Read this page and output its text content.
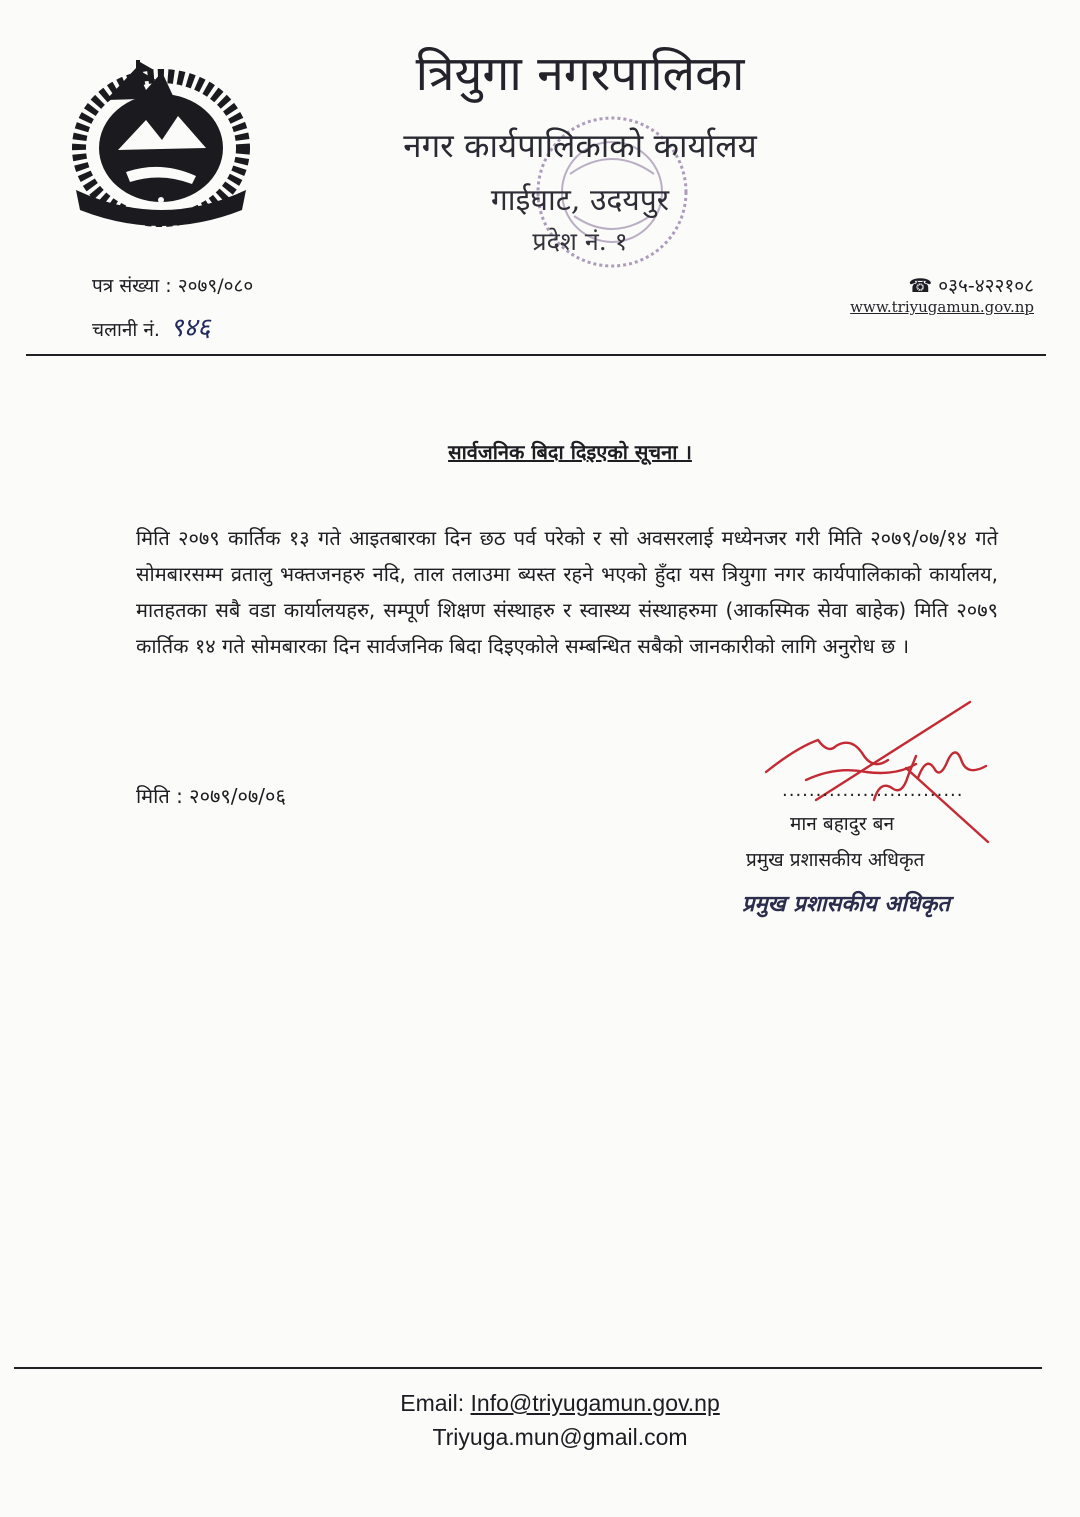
त्रियुगा नगरपालिका
नगर कार्यपालिकाको कार्यालय
गाईघाट, उदयपुर
प्रदेश नं. १
पत्र संख्या : २०७९/०८०
चलानी नं. ९४६
☎ ०३५-४२२१०८
www.triyugamun.gov.np
सार्वजनिक बिदा दिइएको सूचना ।
मिति २०७९ कार्तिक १३ गते आइतबारका दिन छठ पर्व परेको र सो अवसरलाई मध्येनजर गरी मिति २०७९/०७/१४ गते सोमबारसम्म व्रतालु भक्तजनहरु नदि, ताल तलाउमा ब्यस्त रहने भएको हुँदा यस त्रियुगा नगर कार्यपालिकाको कार्यालय, मातहतका सबै वडा कार्यालयहरु, सम्पूर्ण शिक्षण संस्थाहरु र स्वास्थ्य संस्थाहरुमा (आकस्मिक सेवा बाहेक) मिति २०७९ कार्तिक १४ गते सोमबारका दिन सार्वजनिक बिदा दिइएकोले सम्बन्धित सबैको जानकारीको लागि अनुरोध छ ।
मिति : २०७९/०७/०६	...........................
मान बहादुर बन
प्रमुख प्रशासकीय अधिकृत
प्रमुख प्रशासकीय अधिकृत
Email: Info@triyugamun.gov.np
Triyuga.mun@gmail.com
